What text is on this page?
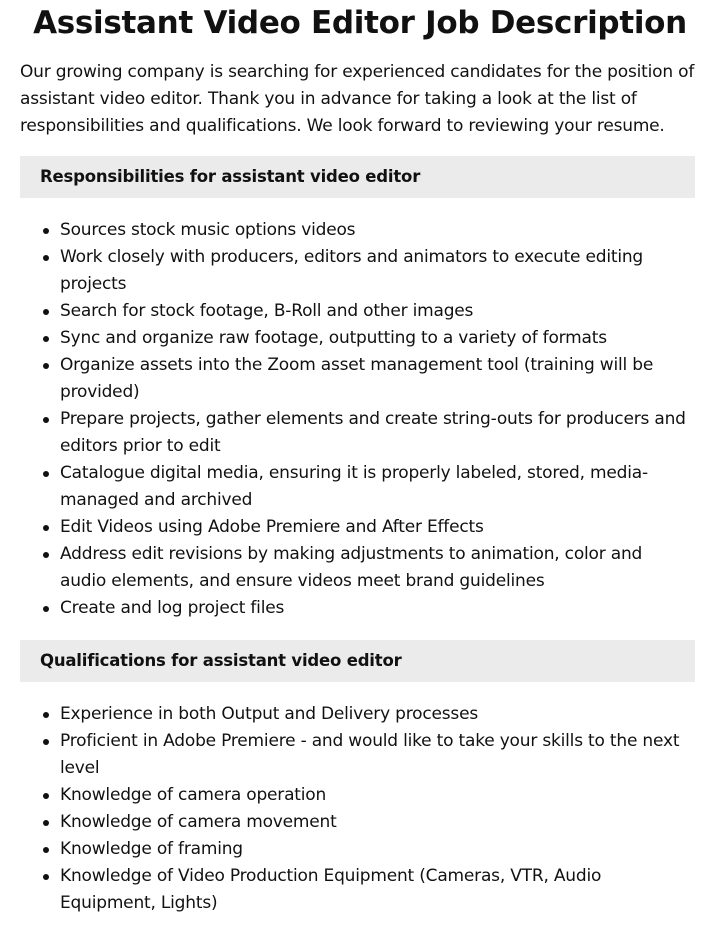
Assistant Video Editor Job Description

Our growing company is searching for experienced candidates for the position of assistant video editor. Thank you in advance for taking a look at the list of responsibilities and qualifications. We look forward to reviewing your resume.

Responsibilities for assistant video editor
Sources stock music options videos
Work closely with producers, editors and animators to execute editing projects
Search for stock footage, B-Roll and other images
Sync and organize raw footage, outputting to a variety of formats
Organize assets into the Zoom asset management tool (training will be provided)
Prepare projects, gather elements and create string-outs for producers and editors prior to edit
Catalogue digital media, ensuring it is properly labeled, stored, media-managed and archived
Edit Videos using Adobe Premiere and After Effects
Address edit revisions by making adjustments to animation, color and audio elements, and ensure videos meet brand guidelines
Create and log project files
Qualifications for assistant video editor
Experience in both Output and Delivery processes
Proficient in Adobe Premiere - and would like to take your skills to the next level
Knowledge of camera operation
Knowledge of camera movement
Knowledge of framing
Knowledge of Video Production Equipment (Cameras, VTR, Audio Equipment, Lights)
